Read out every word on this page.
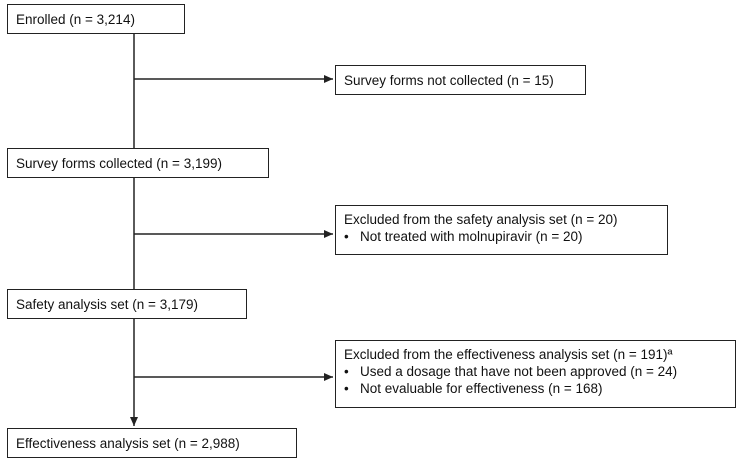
Enrolled (n = 3,214)
Survey forms not collected (n = 15)
Survey forms collected (n = 3,199)
Excluded from the safety analysis set (n = 20)
• Not treated with molnupiravir (n = 20)
Safety analysis set (n = 3,179)
Excluded from the effectiveness analysis set (n = 191)ª
• Used a dosage that have not been approved (n = 24)
• Not evaluable for effectiveness (n = 168)
Effectiveness analysis set (n = 2,988)
